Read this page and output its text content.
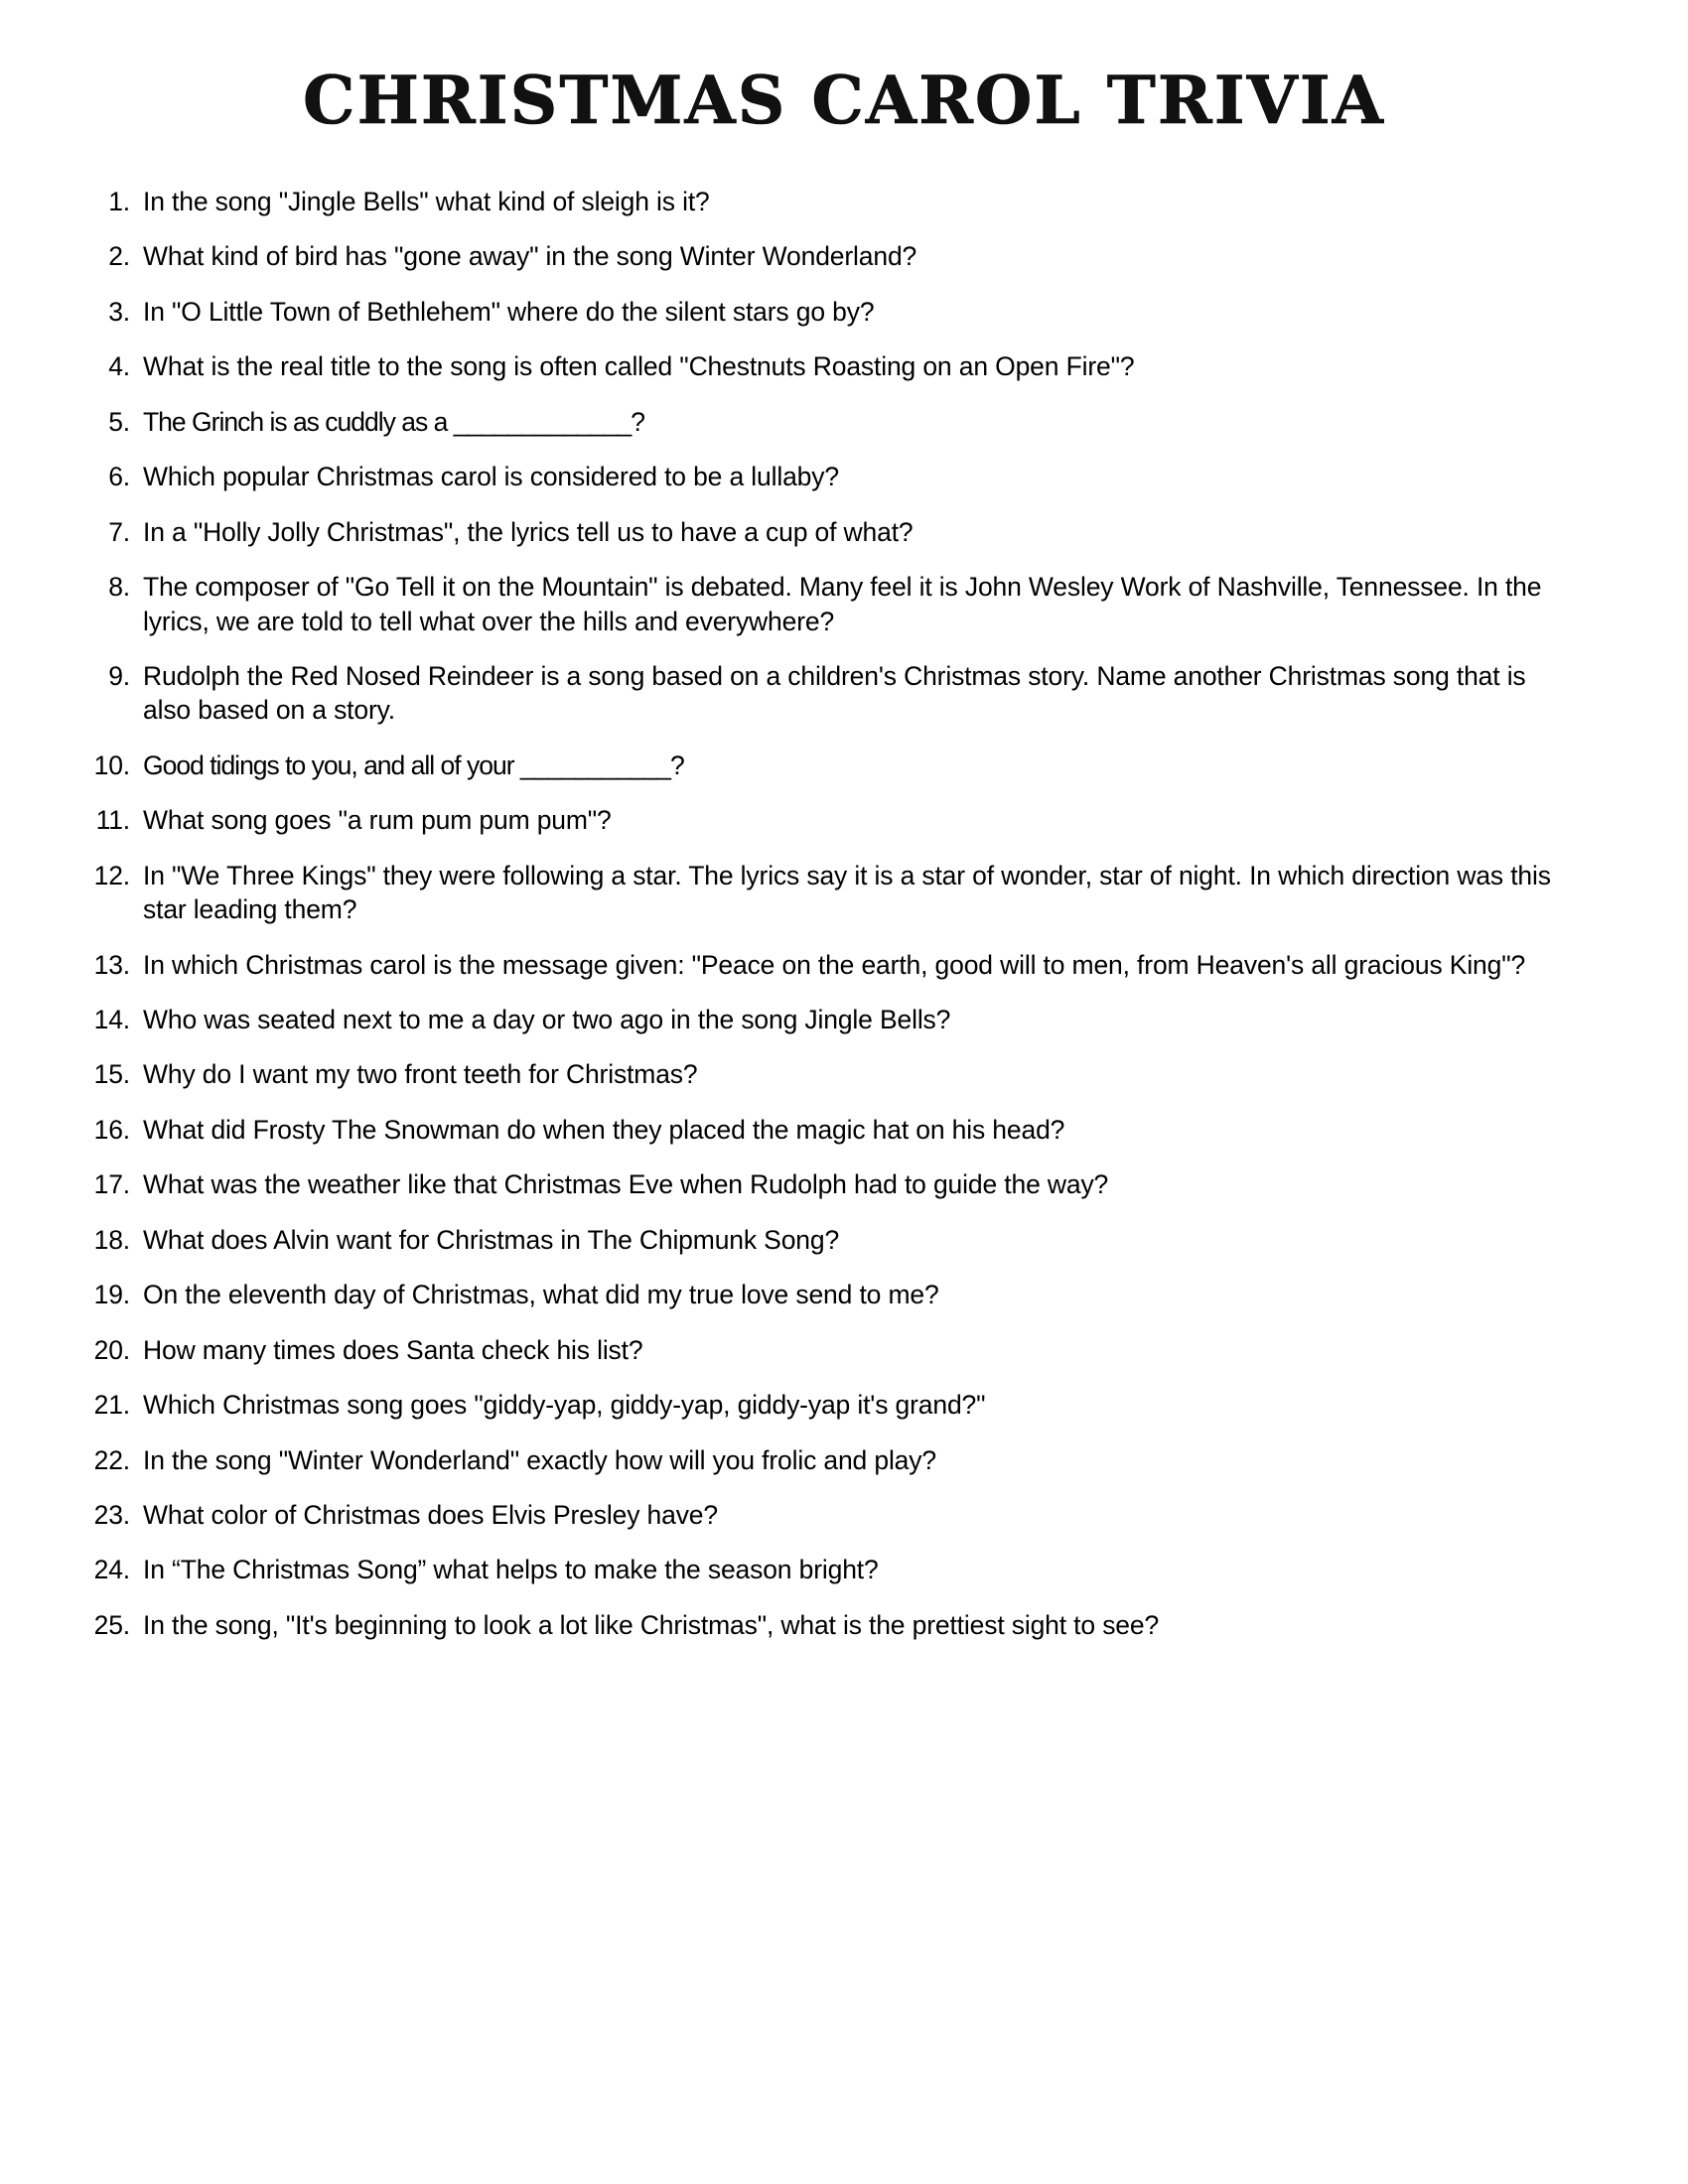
CHRISTMAS CAROL TRIVIA
1. In the song "Jingle Bells" what kind of sleigh is it?
2. What kind of bird has "gone away" in the song Winter Wonderland?
3. In "O Little Town of Bethlehem" where do the silent stars go by?
4. What is the real title to the song is often called "Chestnuts Roasting on an Open Fire"?
5. The Grinch is as cuddly as a _____________?
6. Which popular Christmas carol is considered to be a lullaby?
7. In a "Holly Jolly Christmas", the lyrics tell us to have a cup of what?
8. The composer of "Go Tell it on the Mountain" is debated. Many feel it is John Wesley Work of Nashville, Tennessee. In the lyrics, we are told to tell what over the hills and everywhere?
9. Rudolph the Red Nosed Reindeer is a song based on a children's Christmas story. Name another Christmas song that is also based on a story.
10. Good tidings to you, and all of your ___________?
11. What song goes "a rum pum pum pum"?
12. In "We Three Kings" they were following a star. The lyrics say it is a star of wonder, star of night. In which direction was this star leading them?
13. In which Christmas carol is the message given: "Peace on the earth, good will to men, from Heaven's all gracious King"?
14. Who was seated next to me a day or two ago in the song Jingle Bells?
15. Why do I want my two front teeth for Christmas?
16. What did Frosty The Snowman do when they placed the magic hat on his head?
17. What was the weather like that Christmas Eve when Rudolph had to guide the way?
18. What does Alvin want for Christmas in The Chipmunk Song?
19. On the eleventh day of Christmas, what did my true love send to me?
20. How many times does Santa check his list?
21. Which Christmas song goes "giddy-yap, giddy-yap, giddy-yap it's grand?"
22. In the song "Winter Wonderland" exactly how will you frolic and play?
23. What color of Christmas does Elvis Presley have?
24. In “The Christmas Song” what helps to make the season bright?
25. In the song, "It's beginning to look a lot like Christmas", what is the prettiest sight to see?
